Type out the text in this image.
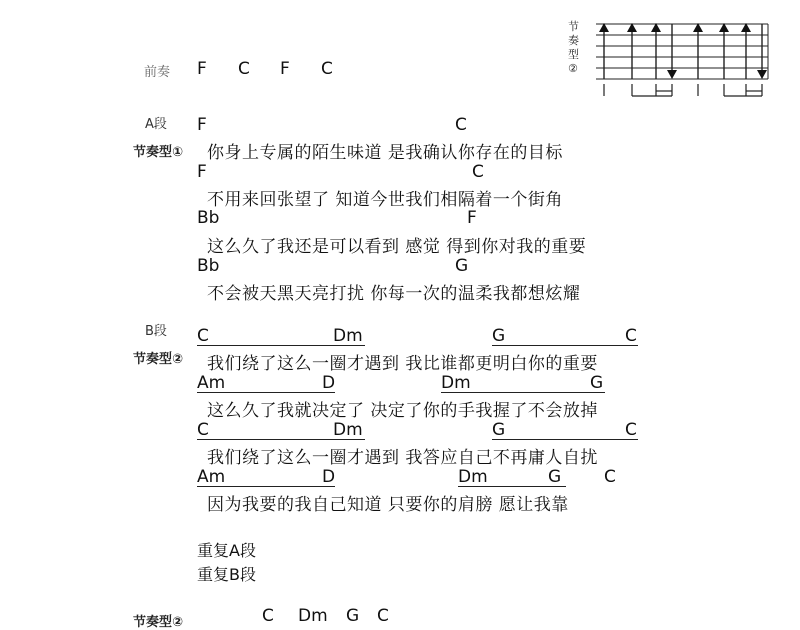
节
奏
型
②
前奏 F C F C
A段
节奏型①
F	C
你身上专属的陌生味道 是我确认你存在的目标
F	C
不用来回张望了 知道今世我们相隔着一个街角
Bb	F
这么久了我还是可以看到 感觉 得到你对我的重要
Bb	G
不会被天黑天亮打扰 你每一次的温柔我都想炫耀
B段
节奏型②
C	Dm	G	C
我们绕了这么一圈才遇到 我比谁都更明白你的重要
Am	D	Dm	G
这么久了我就决定了 决定了你的手我握了不会放掉
C	Dm	G	C
我们绕了这么一圈才遇到 我答应自己不再庸人自扰
Am	D	Dm	G	C
因为我要的我自己知道 只要你的肩膀 愿让我靠
重复A段
重复B段
节奏型②	C Dm G C
